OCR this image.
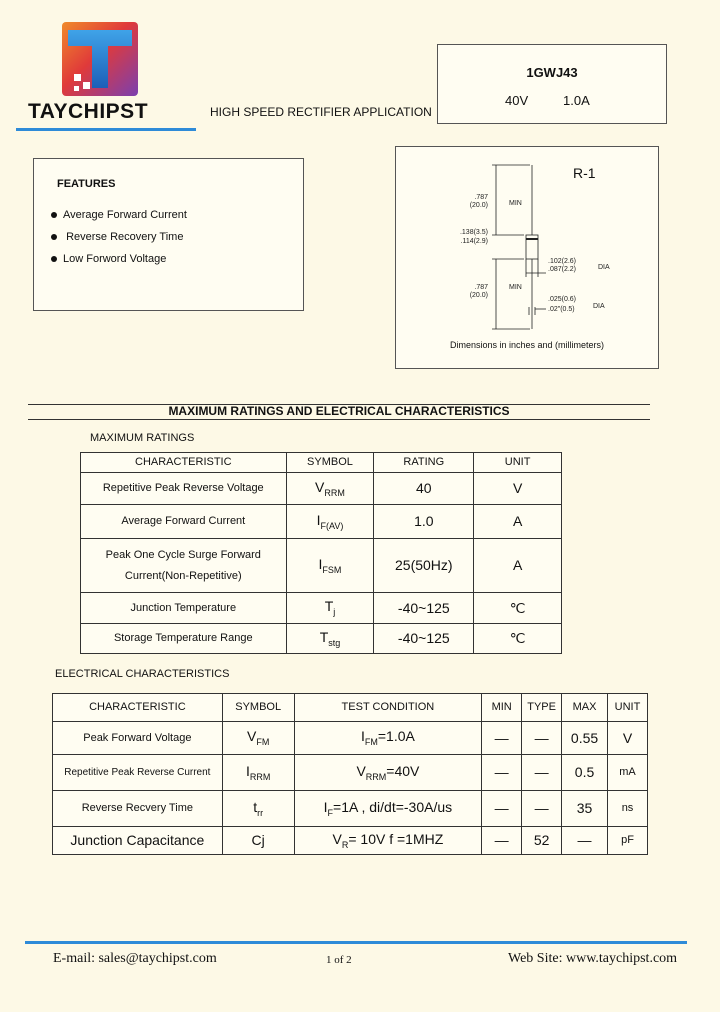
TAYCHIPST	HIGH SPEED RECTIFIER APPLICATION
1GWJ43
40V	1.0A
FEATURES
Average Forward Current
Reverse Recovery Time
Low Forword Voltage
R-1
.787
(20.0)	MIN
.138(3.5)
.114(2.9)
.102(2.6)
.087(2.2)	DIA
.787
(20.0)
MIN
.025(0.6)
.02"(0.5)	DIA
Dimensions in inches and (millimeters)
MAXIMUM RATINGS AND ELECTRICAL CHARACTERISTICS
MAXIMUM RATINGS
CHARACTERISTIC	SYMBOL	RATING	UNIT
Repetitive Peak Reverse Voltage	$V_{RRM}$	40	V
Average Forward Current	$I_{F(AV)}$	1.0	A

Peak One Cycle Surge Forward
Current(Non-Repetitive)	$I_{FSM}$	25(50Hz)	A
Junction Temperature	$T_j$	-40~125	℃
Storage Temperature Range	$T_{stg}$	-40~125	℃
ELECTRICAL CHARACTERISTICS
CHARACTERISTIC	SYMBOL	TEST CONDITION	MIN	TYPE	MAX	UNIT
Peak Forward Voltage	$V_{FM}$	$I_{FM}=1.0A$	—	—	0.55	V
Repetitive Peak Reverse Current	$I_{RRM}$	$V_{RRM}=40V$	—	—	0.5	mA
Reverse Recvery Time	$t_{rr}$	$I_F=1A$ , di/dt=-30A/us	—	—	35	ns
Junction Capacitance	Cj	$V_R= 10V$ f =1MHZ	—	52	—	pF
E-mail: sales@taychipst.com	1 of 2	Web Site: www.taychipst.com
